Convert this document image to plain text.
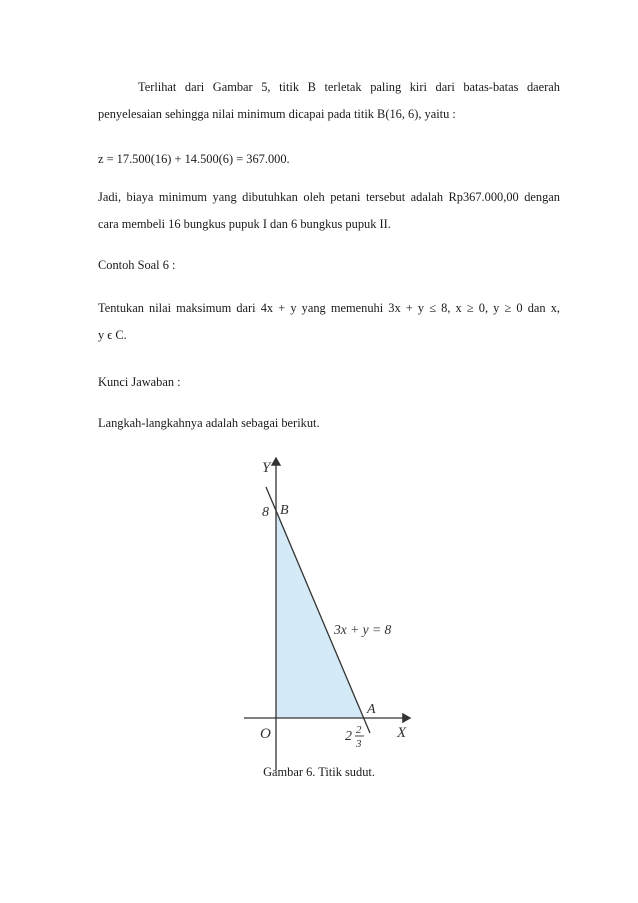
Terlihat dari Gambar 5, titik B terletak paling kiri dari batas-batas daerah

penyelesaian sehingga nilai minimum dicapai pada titik B(16, 6), yaitu :

z = 17.500(16) + 14.500(6) = 367.000.

Jadi, biaya minimum yang dibutuhkan oleh petani tersebut adalah Rp367.000,00 dengan

cara membeli 16 bungkus pupuk I dan 6 bungkus pupuk II.

Contoh Soal 6 :

Tentukan nilai maksimum dari 4x + y yang memenuhi 3x + y ≤ 8, x ≥ 0, y ≥ 0 dan x,

y ϵ C.

Kunci Jawaban :

Langkah-langkahnya adalah sebagai berikut.

Y
X
O
8 B
A
3x + y = 8
2 2
3
Gambar 6. Titik sudut.
